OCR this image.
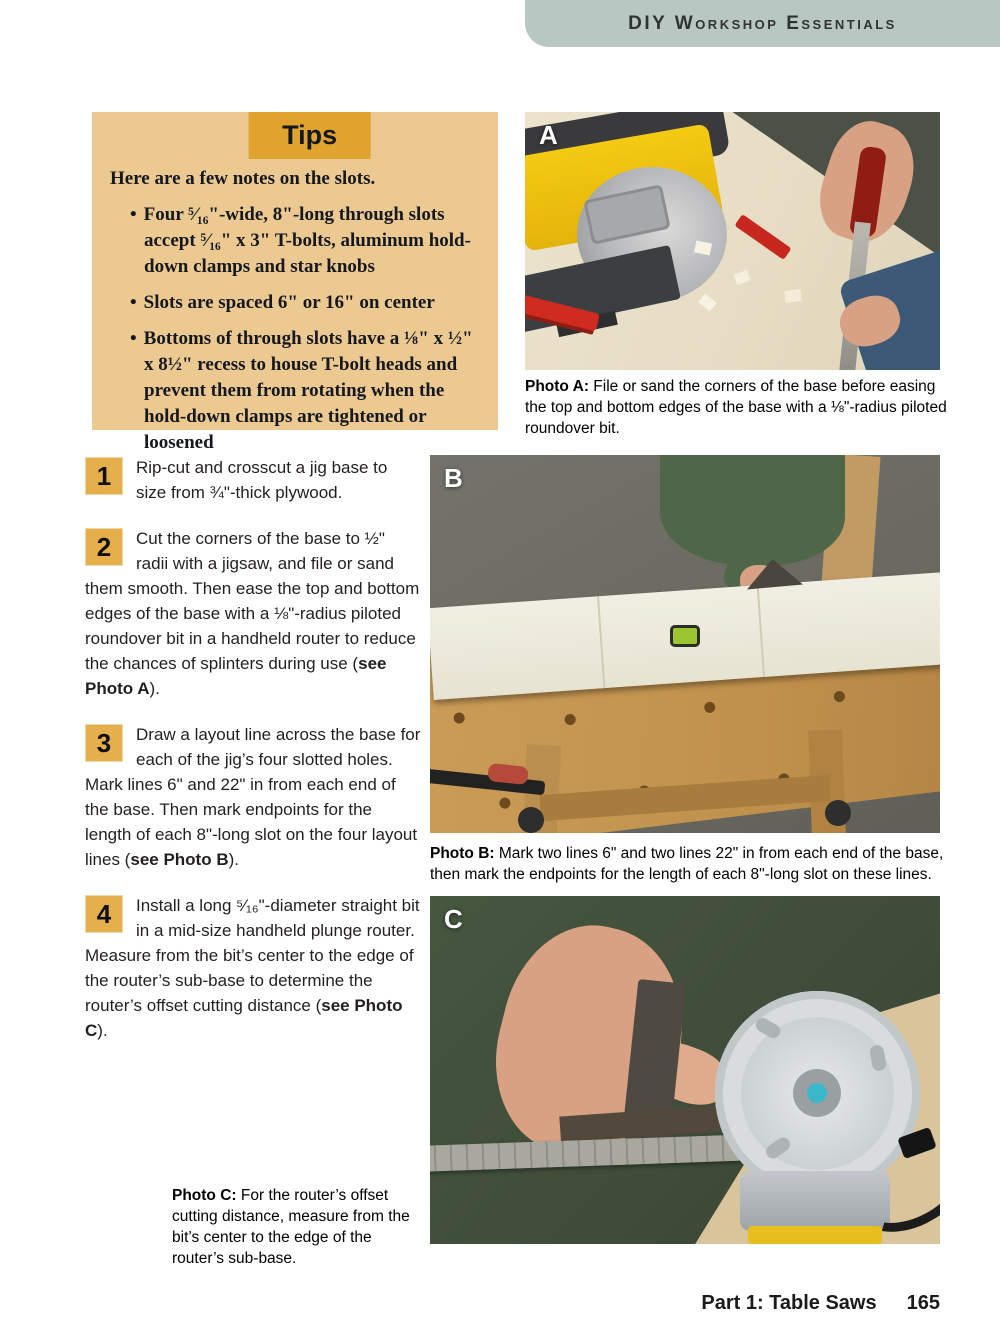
DIY Workshop Essentials
Tips
Here are a few notes on the slots.
• Four ⁵⁄₁₆"-wide, 8"-long through slots accept ⁵⁄₁₆" x 3" T-bolts, aluminum hold-down clamps and star knobs
• Slots are spaced 6" or 16" on center
• Bottoms of through slots have a ⅛" x ½" x 8½" recess to house T-bolt heads and prevent them from rotating when the hold-down clamps are tightened or loosened
1	Rip-cut and crosscut a jig base to size from ¾"-thick plywood.
2	Cut the corners of the base to ½" radii with a jigsaw, and file or sand them smooth. Then ease the top and bottom edges of the base with a ⅛"-radius piloted roundover bit in a handheld router to reduce the chances of splinters during use (see Photo A).
3	Draw a layout line across the base for each of the jig’s four slotted holes. Mark lines 6" and 22" in from each end of the base. Then mark endpoints for the length of each 8"-long slot on the four layout lines (see Photo B).
4	Install a long ⁵⁄₁₆"-diameter straight bit in a mid-size handheld plunge router. Measure from the bit’s center to the edge of the router’s sub-base to determine the router’s offset cutting distance (see Photo C).
A
Photo A: File or sand the corners of the base before easing the top and bottom edges of the base with a ⅛"-radius piloted roundover bit.
B
Photo B: Mark two lines 6" and two lines 22" in from each end of the base, then mark the endpoints for the length of each 8"-long slot on these lines.
C
Photo C: For the router’s offset cutting distance, measure from the bit’s center to the edge of the router’s sub-base.
Part 1: Table Saws 165
